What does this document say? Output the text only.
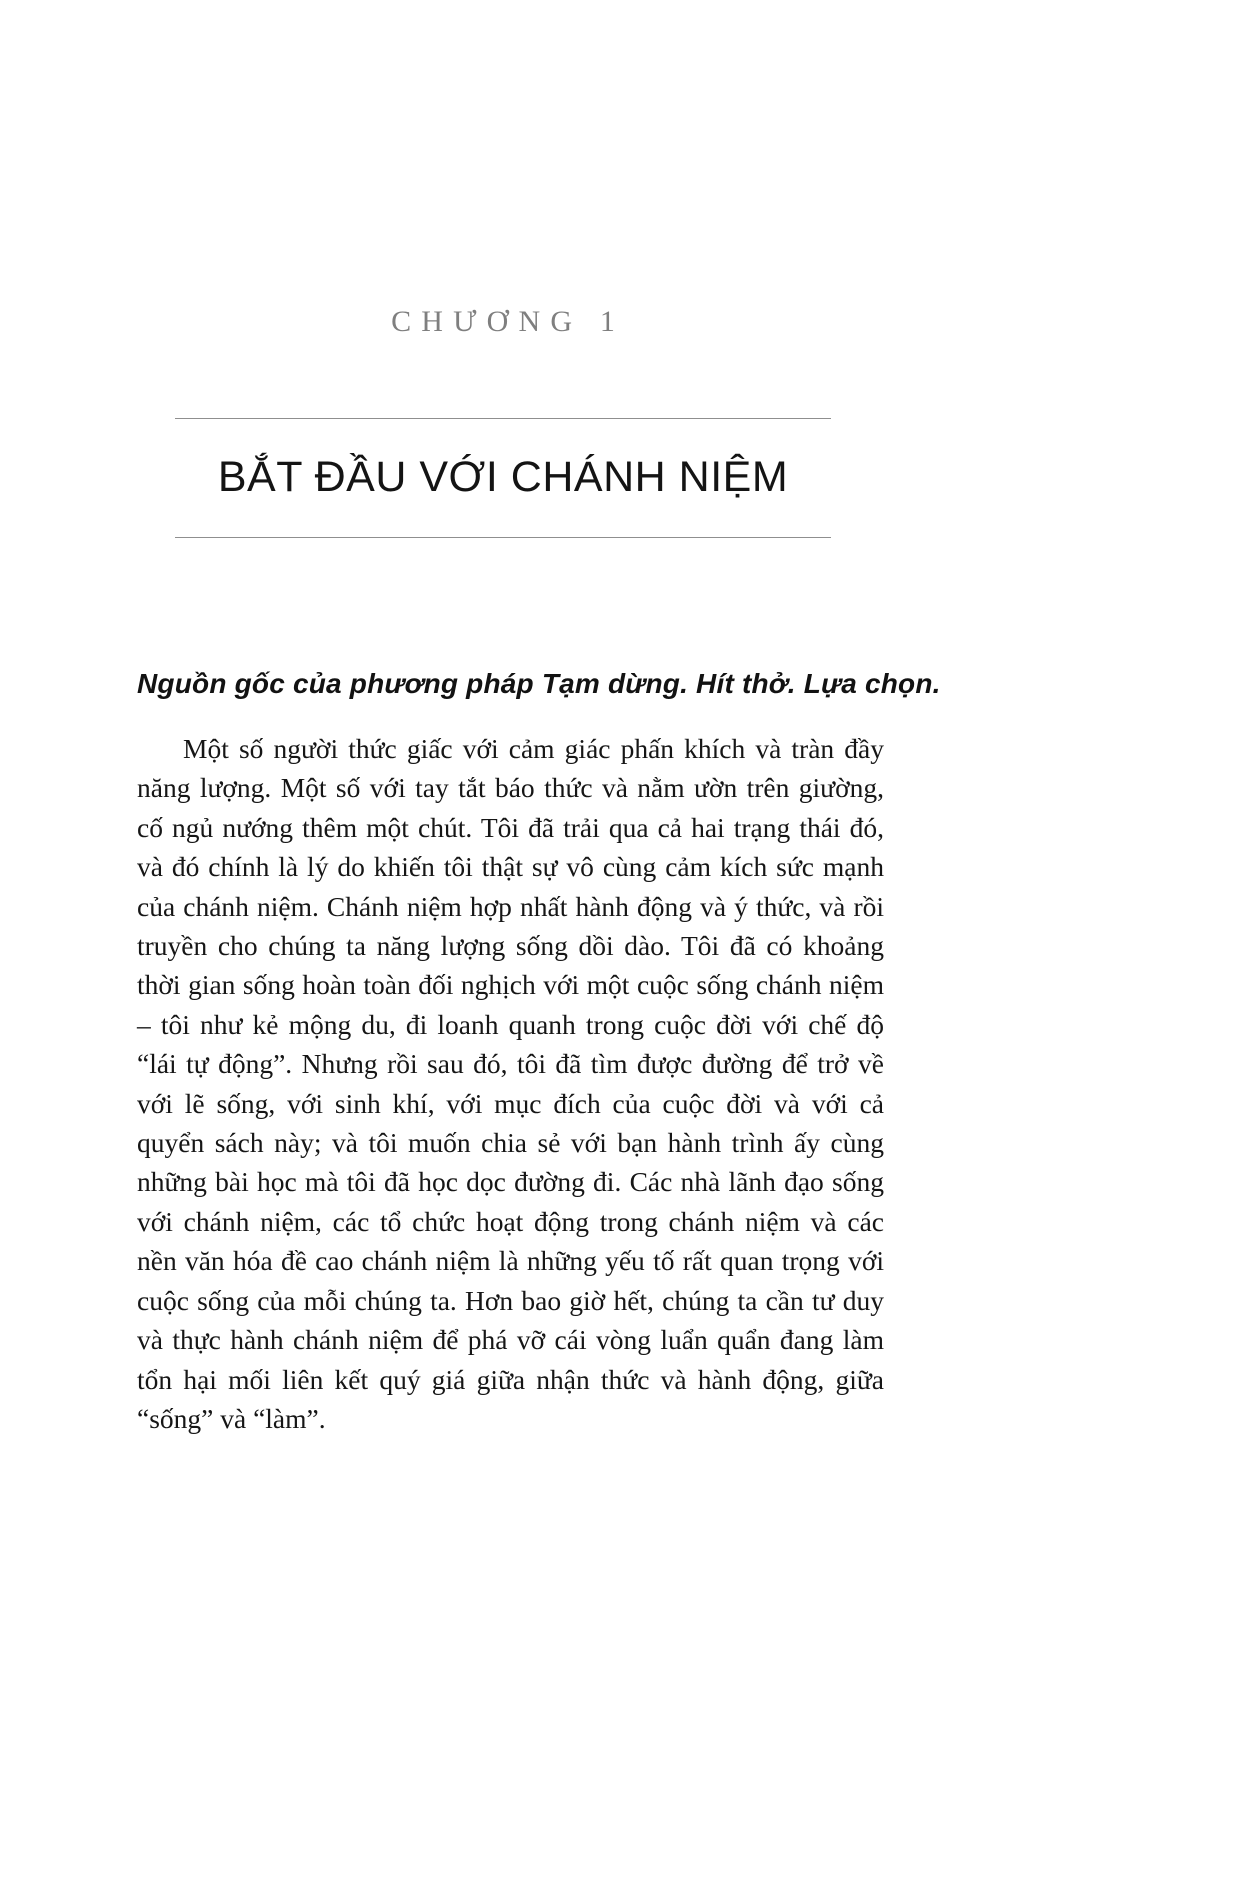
CHƯƠNG 1
BẮT ĐẦU VỚI CHÁNH NIỆM
Nguồn gốc của phương pháp Tạm dừng. Hít thở. Lựa chọn.

Một số người thức giấc với cảm giác phấn khích và tràn đầy năng lượng. Một số với tay tắt báo thức và nằm ườn trên giường, cố ngủ nướng thêm một chút. Tôi đã trải qua cả hai trạng thái đó, và đó chính là lý do khiến tôi thật sự vô cùng cảm kích sức mạnh của chánh niệm. Chánh niệm hợp nhất hành động và ý thức, và rồi truyền cho chúng ta năng lượng sống dồi dào. Tôi đã có khoảng thời gian sống hoàn toàn đối nghịch với một cuộc sống chánh niệm – tôi như kẻ mộng du, đi loanh quanh trong cuộc đời với chế độ “lái tự động”. Nhưng rồi sau đó, tôi đã tìm được đường để trở về với lẽ sống, với sinh khí, với mục đích của cuộc đời và với cả quyển sách này; và tôi muốn chia sẻ với bạn hành trình ấy cùng những bài học mà tôi đã học dọc đường đi. Các nhà lãnh đạo sống với chánh niệm, các tổ chức hoạt động trong chánh niệm và các nền văn hóa đề cao chánh niệm là những yếu tố rất quan trọng với cuộc sống của mỗi chúng ta. Hơn bao giờ hết, chúng ta cần tư duy và thực hành chánh niệm để phá vỡ cái vòng luẩn quẩn đang làm tổn hại mối liên kết quý giá giữa nhận thức và hành động, giữa “sống” và “làm”.
